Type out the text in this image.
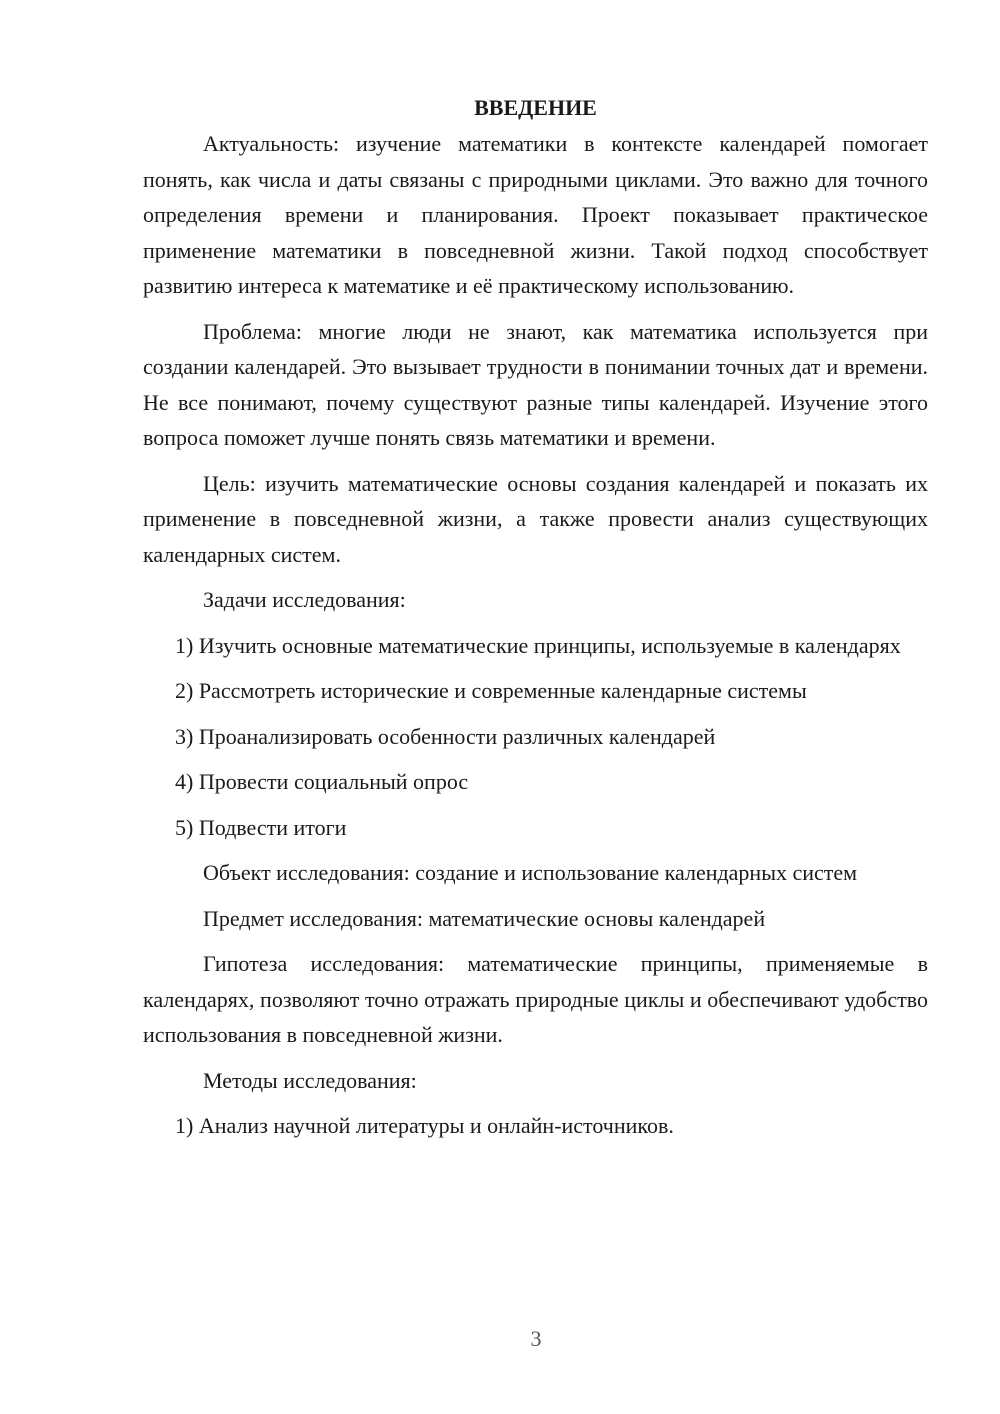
ВВЕДЕНИЕ
Актуальность: изучение математики в контексте календарей помогает понять, как числа и даты связаны с природными циклами. Это важно для точного определения времени и планирования. Проект показывает практическое применение математики в повседневной жизни. Такой подход способствует развитию интереса к математике и её практическому использованию.
Проблема: многие люди не знают, как математика используется при создании календарей. Это вызывает трудности в понимании точных дат и времени. Не все понимают, почему существуют разные типы календарей. Изучение этого вопроса поможет лучше понять связь математики и времени.
Цель: изучить математические основы создания календарей и показать их применение в повседневной жизни, а также провести анализ существующих календарных систем.
Задачи исследования:
1) Изучить основные математические принципы, используемые в календарях
2) Рассмотреть исторические и современные календарные системы
3) Проанализировать особенности различных календарей
4) Провести социальный опрос
5) Подвести итоги
Объект исследования: создание и использование календарных систем
Предмет исследования: математические основы календарей
Гипотеза исследования: математические принципы, применяемые в календарях, позволяют точно отражать природные циклы и обеспечивают удобство использования в повседневной жизни.
Методы исследования:
1) Анализ научной литературы и онлайн-источников.
3
